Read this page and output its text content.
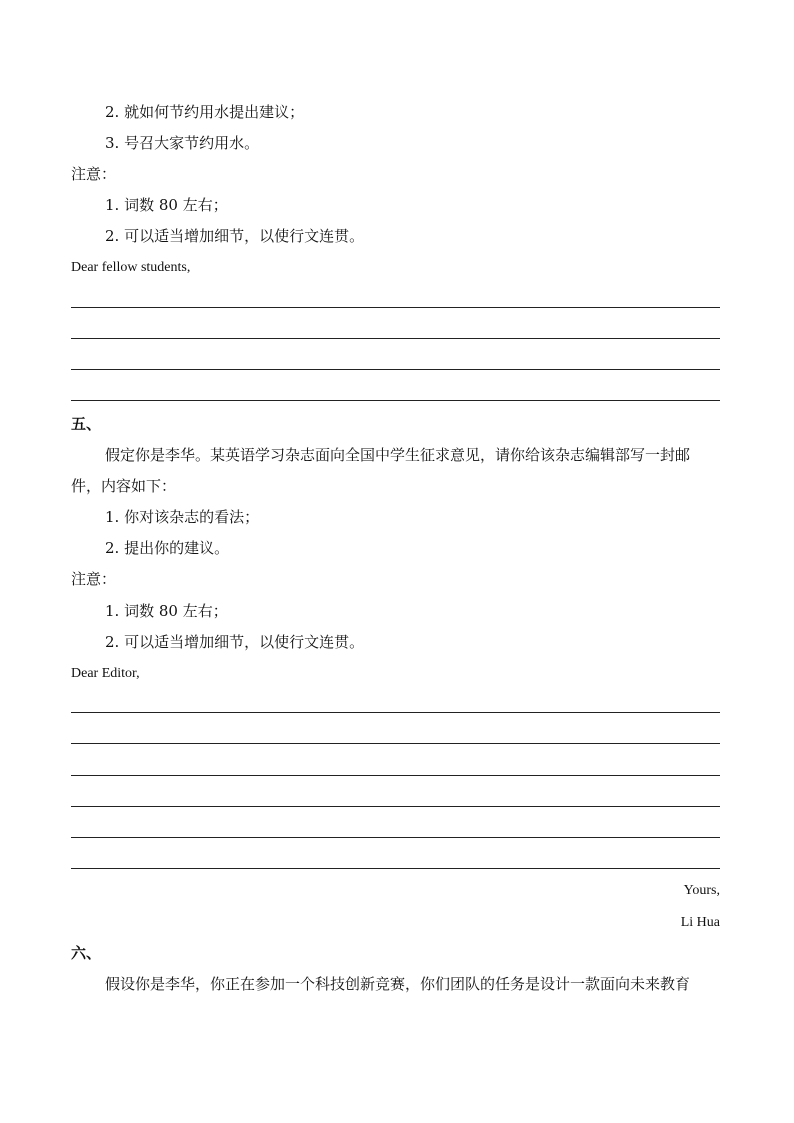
2. 就如何节约用水提出建议；
3. 号召大家节约用水。
注意：
1. 词数 80 左右；
2. 可以适当增加细节，以使行文连贯。
Dear fellow students,
五、
假定你是李华。某英语学习杂志面向全国中学生征求意见，请你给该杂志编辑部写一封邮
件，内容如下：
1. 你对该杂志的看法；
2. 提出你的建议。
注意：
1. 词数 80 左右；
2. 可以适当增加细节，以使行文连贯。
Dear Editor,
Yours,
Li Hua
六、
假设你是李华，你正在参加一个科技创新竞赛，你们团队的任务是设计一款面向未来教育
